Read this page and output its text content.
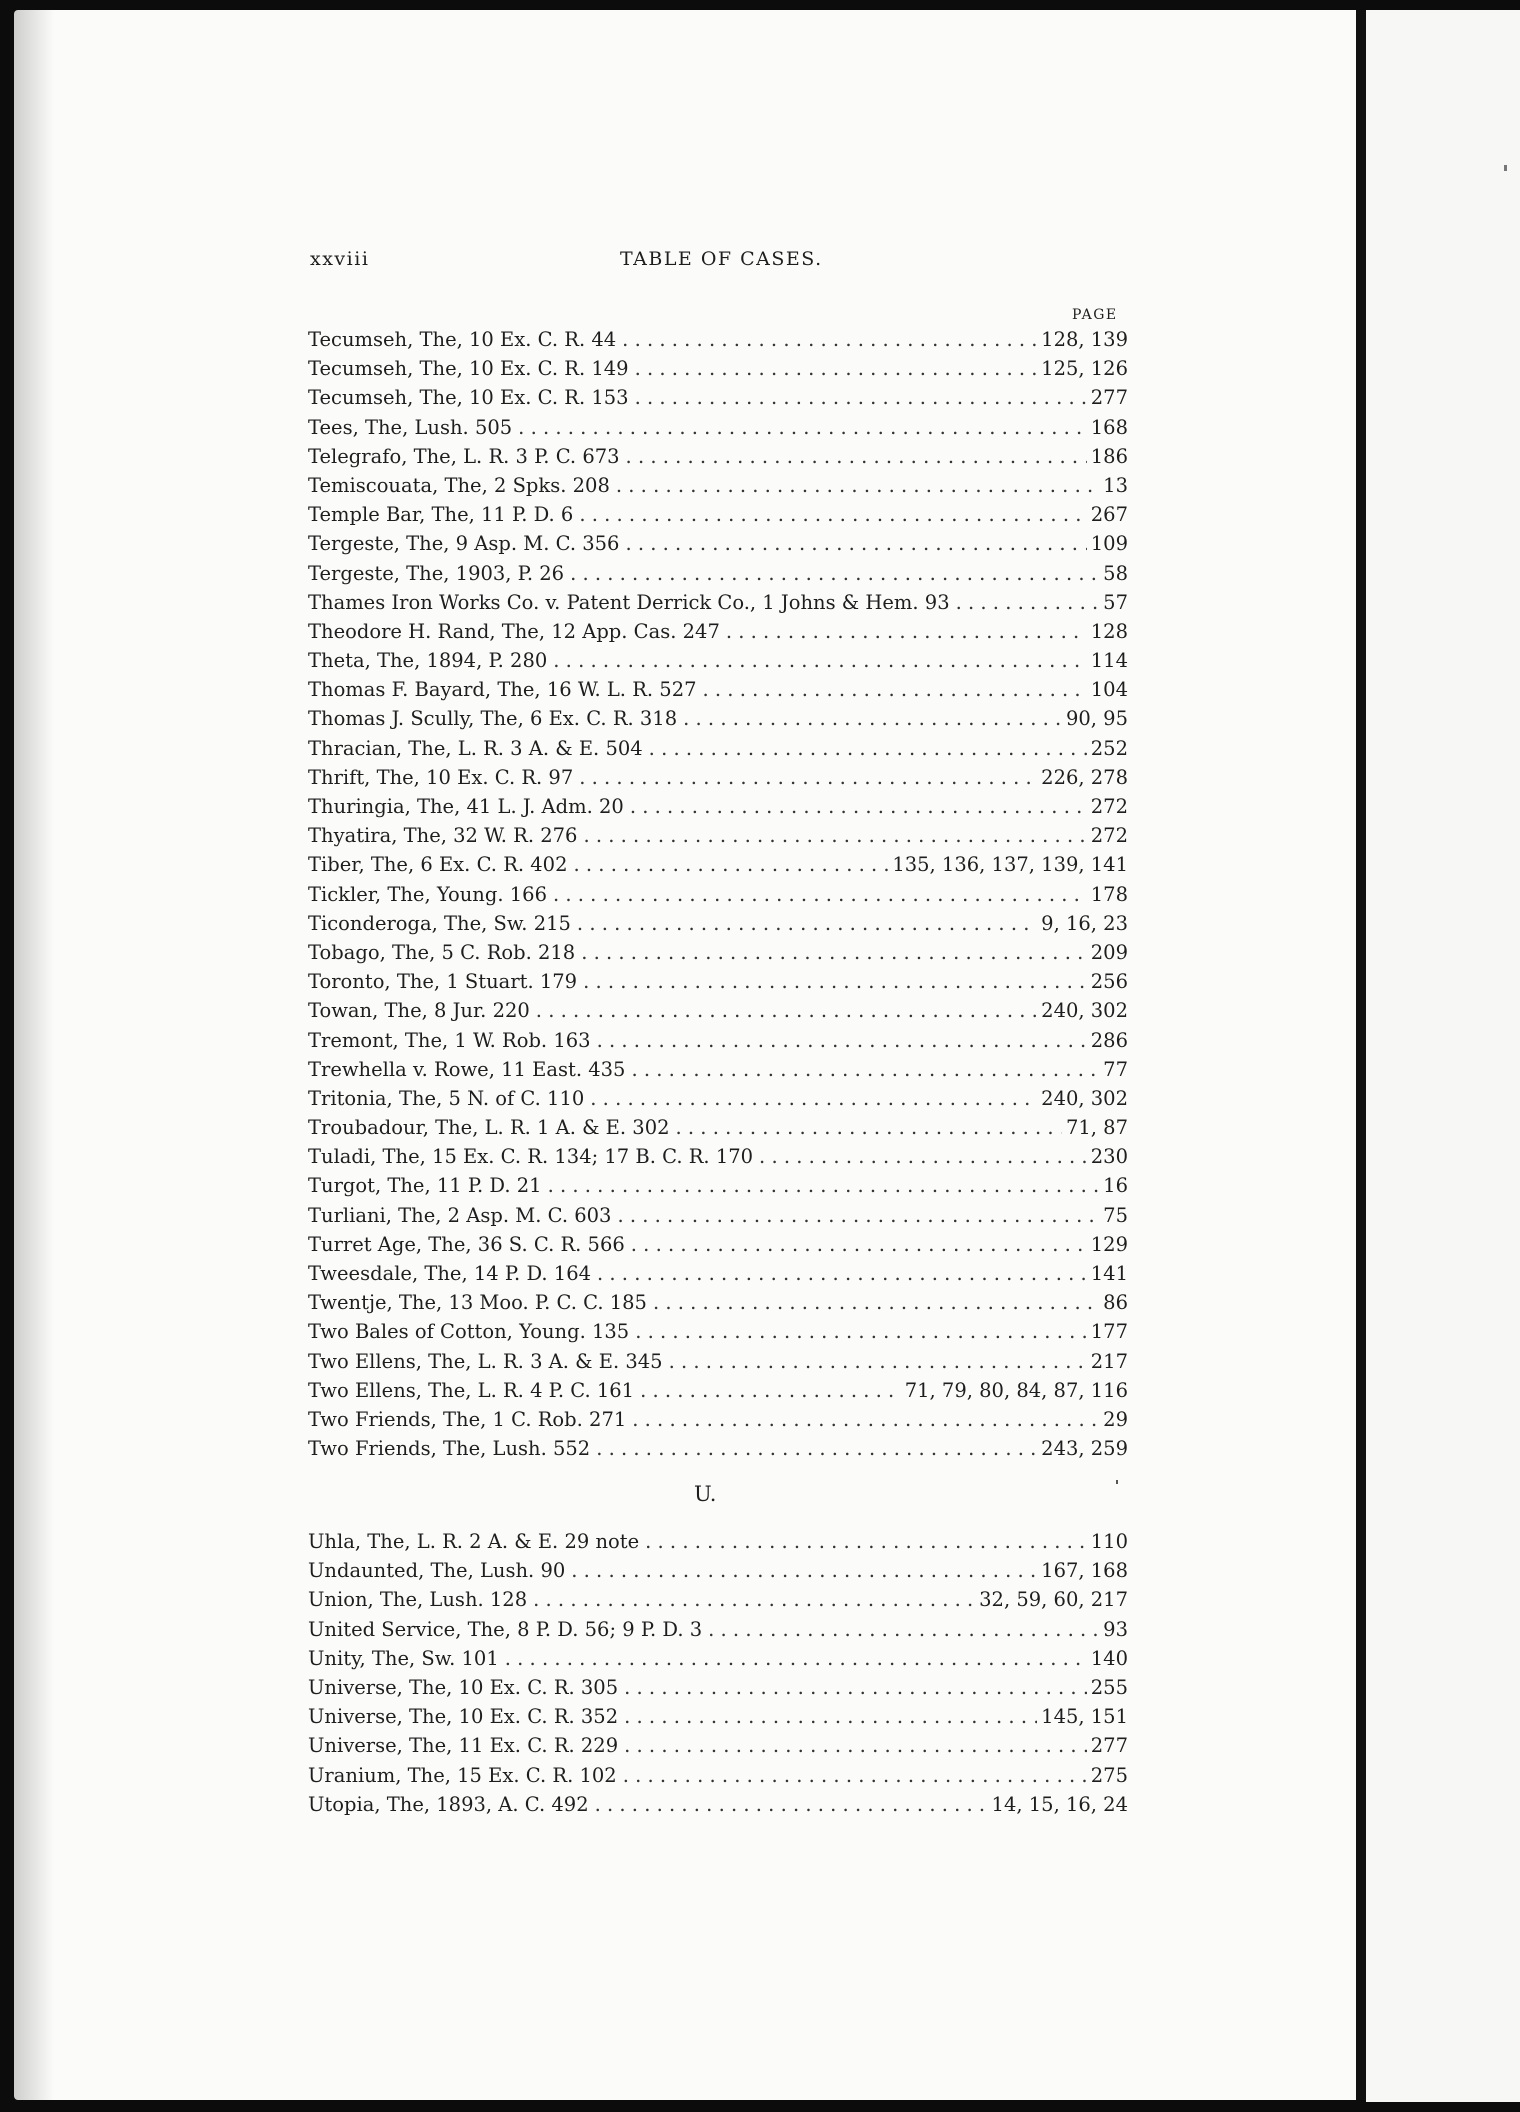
xxviii	TABLE OF CASES.
PAGE
Tecumseh, The, 10 Ex. C. R. 44 . . .	128, 139
Tecumseh, The, 10 Ex. C. R. 149 . . .	125, 126
Tecumseh, The, 10 Ex. C. R. 153 . . .	277
Tees, The, Lush. 505 . . .	168
Telegrafo, The, L. R. 3 P. C. 673 . . .	186
Temiscouata, The, 2 Spks. 208 . . .	13
Temple Bar, The, 11 P. D. 6 . . .	267
Tergeste, The, 9 Asp. M. C. 356 . . .	109
Tergeste, The, 1903, P. 26 . . .	58
Thames Iron Works Co. v. Patent Derrick Co., 1 Johns & Hem. 93 . . .	57
Theodore H. Rand, The, 12 App. Cas. 247 . . .	128
Theta, The, 1894, P. 280 . . .	114
Thomas F. Bayard, The, 16 W. L. R. 527 . . .	104
Thomas J. Scully, The, 6 Ex. C. R. 318 . . .	90, 95
Thracian, The, L. R. 3 A. & E. 504 . . .	252
Thrift, The, 10 Ex. C. R. 97 . . .	226, 278
Thuringia, The, 41 L. J. Adm. 20 . . .	272
Thyatira, The, 32 W. R. 276 . . .	272
Tiber, The, 6 Ex. C. R. 402 . . .	135, 136, 137, 139, 141
Tickler, The, Young. 166 . . .	178
Ticonderoga, The, Sw. 215 . . .	9, 16, 23
Tobago, The, 5 C. Rob. 218 . . .	209
Toronto, The, 1 Stuart. 179 . . .	256
Towan, The, 8 Jur. 220 . . .	240, 302
Tremont, The, 1 W. Rob. 163 . . .	286
Trewhella v. Rowe, 11 East. 435 . . .	77
Tritonia, The, 5 N. of C. 110 . . .	240, 302
Troubadour, The, L. R. 1 A. & E. 302 . . .	71, 87
Tuladi, The, 15 Ex. C. R. 134; 17 B. C. R. 170 . . .	230
Turgot, The, 11 P. D. 21 . . .	16
Turliani, The, 2 Asp. M. C. 603 . . .	75
Turret Age, The, 36 S. C. R. 566 . . .	129
Tweesdale, The, 14 P. D. 164 . . .	141
Twentje, The, 13 Moo. P. C. C. 185 . . .	86
Two Bales of Cotton, Young. 135 . . .	177
Two Ellens, The, L. R. 3 A. & E. 345 . . .	217
Two Ellens, The, L. R. 4 P. C. 161 . . .	71, 79, 80, 84, 87, 116
Two Friends, The, 1 C. Rob. 271 . . .	29
Two Friends, The, Lush. 552 . . .	243, 259
U.
Uhla, The, L. R. 2 A. & E. 29 note . . .	110
Undaunted, The, Lush. 90 . . .	167, 168
Union, The, Lush. 128 . . .	32, 59, 60, 217
United Service, The, 8 P. D. 56; 9 P. D. 3 . . .	93
Unity, The, Sw. 101 . . .	140
Universe, The, 10 Ex. C. R. 305 . . .	255
Universe, The, 10 Ex. C. R. 352 . . .	145, 151
Universe, The, 11 Ex. C. R. 229 . . .	277
Uranium, The, 15 Ex. C. R. 102 . . .	275
Utopia, The, 1893, A. C. 492 . . .	14, 15, 16, 24
